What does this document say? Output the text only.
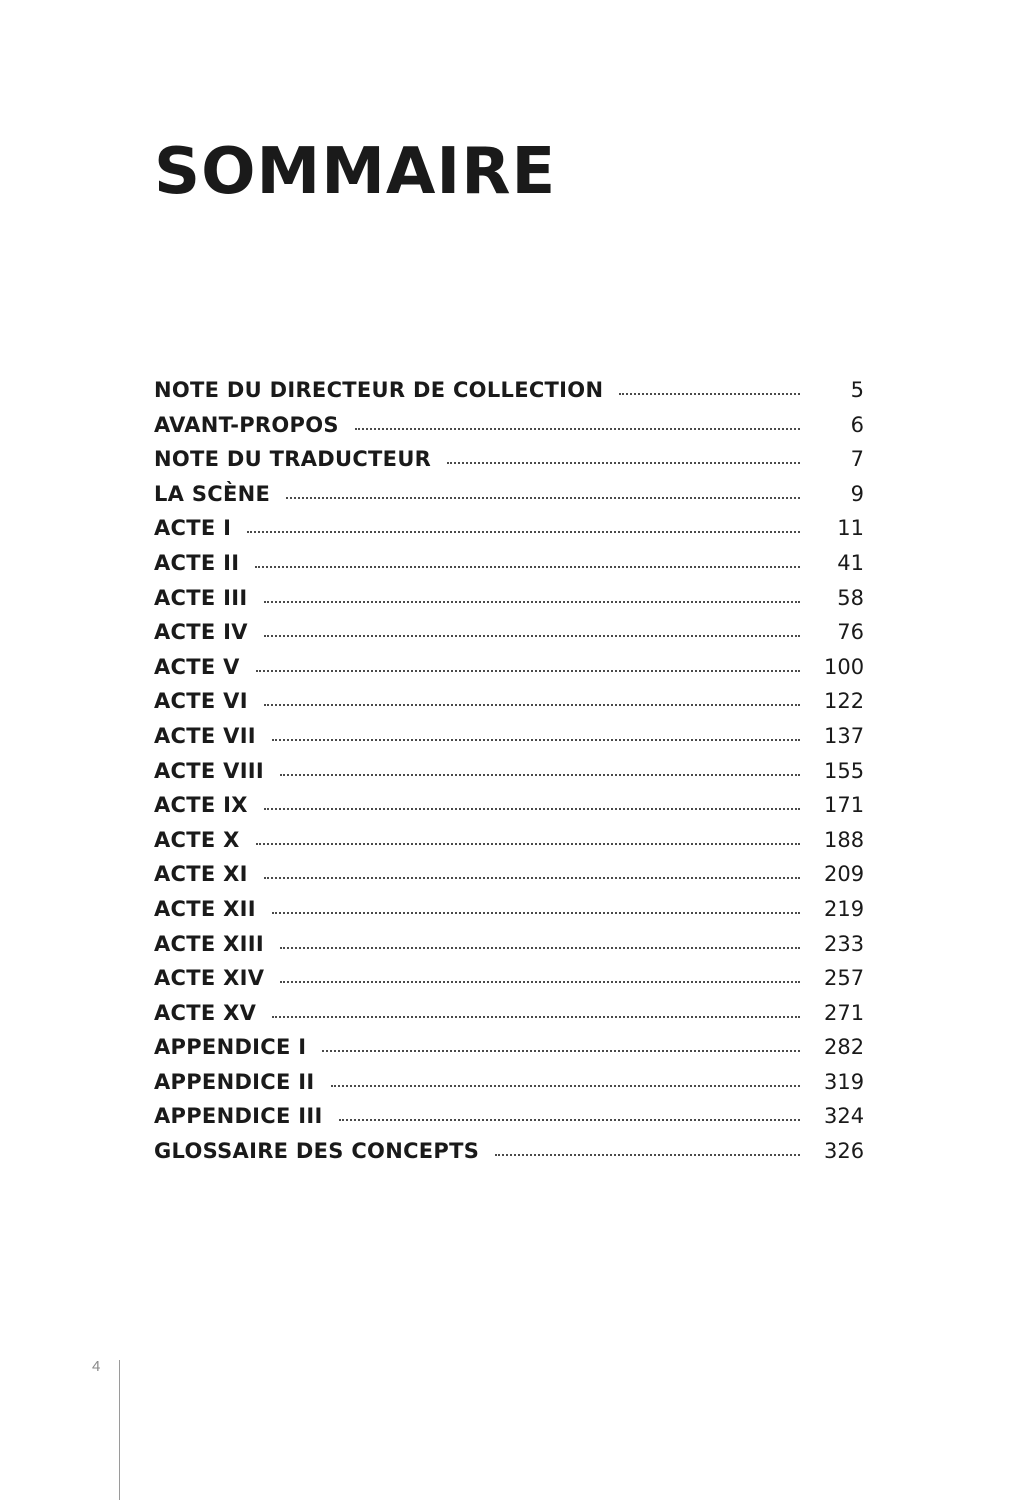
SOMMAIRE
NOTE DU DIRECTEUR DE COLLECTION	5
AVANT-PROPOS	6
NOTE DU TRADUCTEUR	7
LA SCÈNE	9
ACTE I	11
ACTE II	41
ACTE III	58
ACTE IV	76
ACTE V	100
ACTE VI	122
ACTE VII	137
ACTE VIII	155
ACTE IX	171
ACTE X	188
ACTE XI	209
ACTE XII	219
ACTE XIII	233
ACTE XIV	257
ACTE XV	271
APPENDICE I	282
APPENDICE II	319
APPENDICE III	324
GLOSSAIRE DES CONCEPTS	326
4
